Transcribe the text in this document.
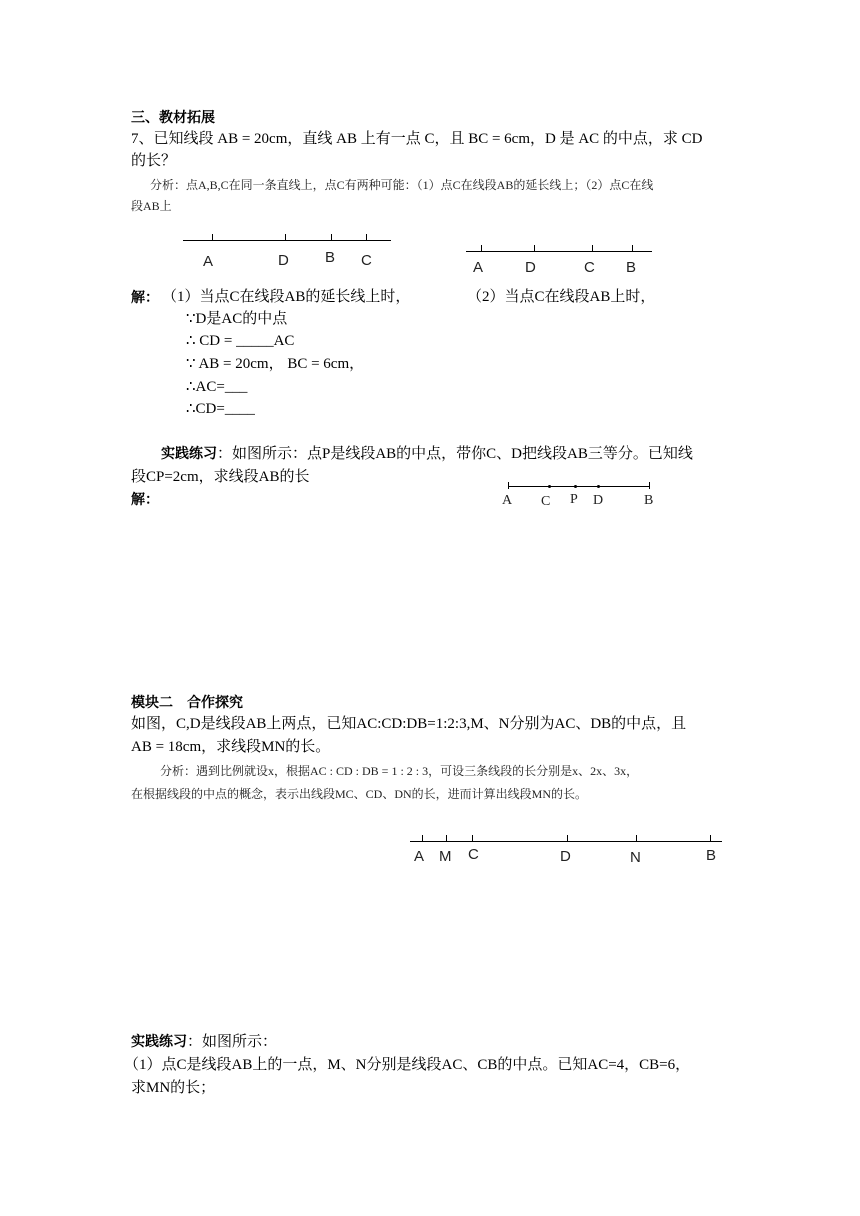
三、教材拓展
7、已知线段 AB = 20cm，直线 AB 上有一点 C，且 BC = 6cm，D 是 AC 的中点，求 CD
的长？
分析：点A,B,C在同一条直线上，点C有两种可能：（1）点C在线段AB的延长线上；（2）点C在线
段AB上
A	D B C	A	D	C B
解： （1）当点C在线段AB的延长线上时，	（2）当点C在线段AB上时，
∵D是AC的中点
∴ CD = _____AC
∵ AB = 20cm， BC = 6cm，
∴AC=___
∴CD=____
实践练习：如图所示：点P是线段AB的中点，带你C、D把线段AB三等分。已知线
段CP=2cm，求线段AB的长
解：	A C P D	B
模块二　合作探究
如图，C,D是线段AB上两点，已知AC:CD:DB=1:2:3,M、N分别为AC、DB的中点，且
AB = 18cm，求线段MN的长。
分析：遇到比例就设x，根据AC : CD : DB = 1 : 2 : 3，可设三条线段的长分别是x、2x、3x，
在根据线段的中点的概念，表示出线段MC、CD、DN的长，进而计算出线段MN的长。
A M C	D	N	B
实践练习：如图所示：
（1）点C是线段AB上的一点，M、N分别是线段AC、CB的中点。已知AC=4，CB=6，
求MN的长；
